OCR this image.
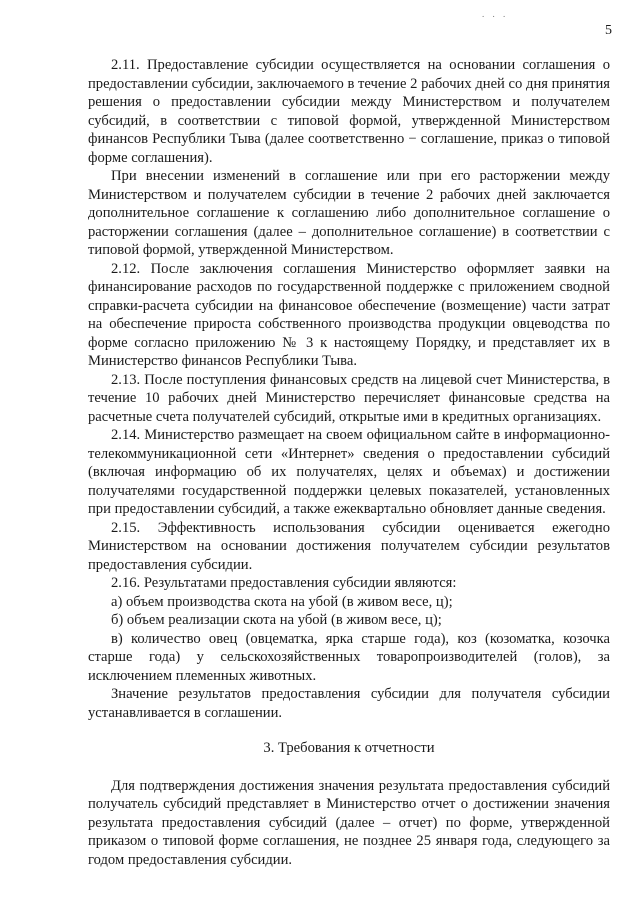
. . .
5

2.11. Предоставление субсидии осуществляется на основании соглашения о предоставлении субсидии, заключаемого в течение 2 рабочих дней со дня принятия решения о предоставлении субсидии между Министерством и получателем субсидий, в соответствии с типовой формой, утвержденной Министерством финансов Республики Тыва (далее соответственно − соглашение, приказ о типовой форме соглашения).

При внесении изменений в соглашение или при его расторжении между Министерством и получателем субсидии в течение 2 рабочих дней заключается дополнительное соглашение к соглашению либо дополнительное соглашение о расторжении соглашения (далее – дополнительное соглашение) в соответствии с типовой формой, утвержденной Министерством.

2.12. После заключения соглашения Министерство оформляет заявки на финансирование расходов по государственной поддержке с приложением сводной справки-расчета субсидии на финансовое обеспечение (возмещение) части затрат на обеспечение прироста собственного производства продукции овцеводства по форме согласно приложению № 3 к настоящему Порядку, и представляет их в Министерство финансов Республики Тыва.

2.13. После поступления финансовых средств на лицевой счет Министерства, в течение 10 рабочих дней Министерство перечисляет финансовые средства на расчетные счета получателей субсидий, открытые ими в кредитных организациях.

2.14. Министерство размещает на своем официальном сайте в информационно-телекоммуникационной сети «Интернет» сведения о предоставлении субсидий (включая информацию об их получателях, целях и объемах) и достижении получателями государственной поддержки целевых показателей, установленных при предоставлении субсидий, а также ежеквартально обновляет данные сведения.

2.15. Эффективность использования субсидии оценивается ежегодно Министерством на основании достижения получателем субсидии результатов предоставления субсидии.

2.16. Результатами предоставления субсидии являются:

а) объем производства скота на убой (в живом весе, ц);

б) объем реализации скота на убой (в живом весе, ц);

в) количество овец (овцематка, ярка старше года), коз (козоматка, козочка старше года) у сельскохозяйственных товаропроизводителей (голов), за исключением племенных животных.

Значение результатов предоставления субсидии для получателя субсидии устанавливается в соглашении.

3. Требования к отчетности

Для подтверждения достижения значения результата предоставления субсидий получатель субсидий представляет в Министерство отчет о достижении значения результата предоставления субсидий (далее – отчет) по форме, утвержденной приказом о типовой форме соглашения, не позднее 25 января года, следующего за годом предоставления субсидии.
